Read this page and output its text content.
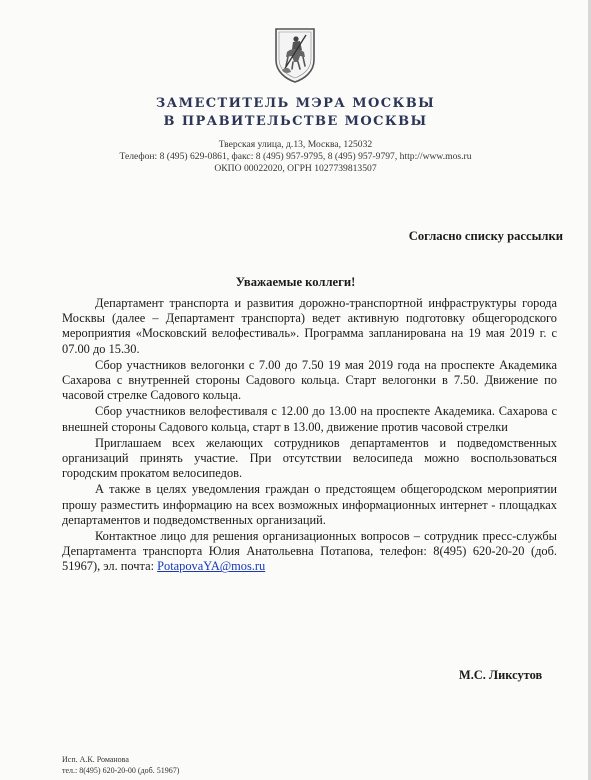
ЗАМЕСТИТЕЛЬ МЭРА МОСКВЫ
В ПРАВИТЕЛЬСТВЕ МОСКВЫ
Тверская улица, д.13, Москва, 125032
Телефон: 8 (495) 629-0861, факс: 8 (495) 957-9795, 8 (495) 957-9797, http://www.mos.ru
ОКПО 00022020, ОГРН 1027739813507
Согласно списку рассылки
Уважаемые коллеги!

Департамент транспорта и развития дорожно-транспортной инфраструктуры города Москвы (далее – Департамент транспорта) ведет активную подготовку общегородского мероприятия «Московский велофестиваль». Программа запланирована на 19 мая 2019 г. с 07.00 до 15.30.

Сбор участников велогонки с 7.00 до 7.50 19 мая 2019 года на проспекте Академика Сахарова с внутренней стороны Садового кольца. Старт велогонки в 7.50. Движение по часовой стрелке Садового кольца.

Сбор участников велофестиваля с 12.00 до 13.00 на проспекте Академика. Сахарова с внешней стороны Садового кольца, старт в 13.00, движение против часовой стрелки

Приглашаем всех желающих сотрудников департаментов и подведомственных организаций принять участие. При отсутствии велосипеда можно воспользоваться городским прокатом велосипедов.

А также в целях уведомления граждан о предстоящем общегородском мероприятии прошу разместить информацию на всех возможных информационных интернет - площадках департаментов и подведомственных организаций.

Контактное лицо для решения организационных вопросов – сотрудник пресс-службы Департамента транспорта Юлия Анатольевна Потапова, телефон: 8(495) 620-20-20 (доб. 51967), эл. почта: PotapovaYA@mos.ru

М.С. Ликсутов
Исп. А.К. Романова
тел.: 8(495) 620-20-00 (доб. 51967)
